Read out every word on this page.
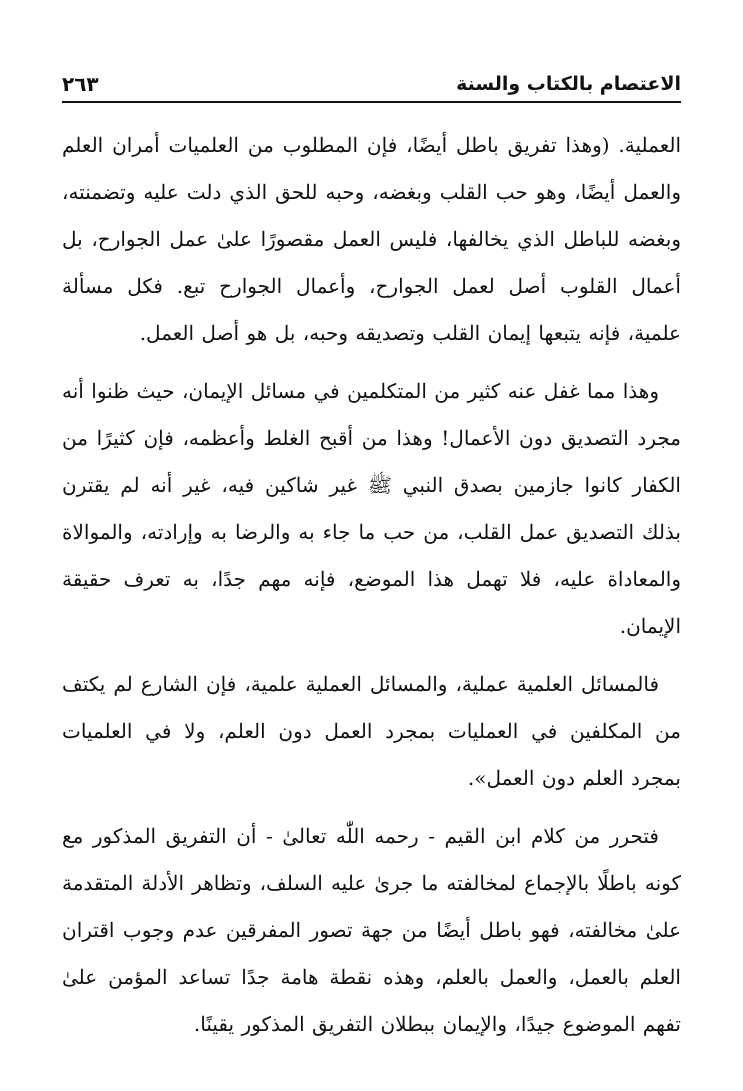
الاعتصام بالكتاب والسنة
٢٦٣

العملية. (وهذا تفريق باطل أيضًا، فإن المطلوب من العلميات أمران العلم والعمل أيضًا، وهو حب القلب وبغضه، وحبه للحق الذي دلت عليه وتضمنته، وبغضه للباطل الذي يخالفها، فليس العمل مقصورًا علىٰ عمل الجوارح، بل أعمال القلوب أصل لعمل الجوارح، وأعمال الجوارح تبع. فكل مسألة علمية، فإنه يتبعها إيمان القلب وتصديقه وحبه، بل هو أصل العمل.

وهذا مما غفل عنه كثير من المتكلمين في مسائل الإيمان، حيث ظنوا أنه مجرد التصديق دون الأعمال! وهذا من أقبح الغلط وأعظمه، فإن كثيرًا من الكفار كانوا جازمين بصدق النبي ﷺ غير شاكين فيه، غير أنه لم يقترن بذلك التصديق عمل القلب، من حب ما جاء به والرضا به وإرادته، والموالاة والمعاداة عليه، فلا تهمل هذا الموضع، فإنه مهم جدًا، به تعرف حقيقة الإيمان.

فالمسائل العلمية عملية، والمسائل العملية علمية، فإن الشارع لم يكتف من المكلفين في العمليات بمجرد العمل دون العلم، ولا في العلميات بمجرد العلم دون العمل».

فتحرر من كلام ابن القيم - رحمه اللّٰه تعالىٰ - أن التفريق المذكور مع كونه باطلًا بالإجماع لمخالفته ما جرىٰ عليه السلف، وتظاهر الأدلة المتقدمة علىٰ مخالفته، فهو باطل أيضًا من جهة تصور المفرقين عدم وجوب اقتران العلم بالعمل، والعمل بالعلم، وهذه نقطة هامة جدًا تساعد المؤمن علىٰ تفهم الموضوع جيدًا، والإيمان ببطلان التفريق المذكور يقينًا.
